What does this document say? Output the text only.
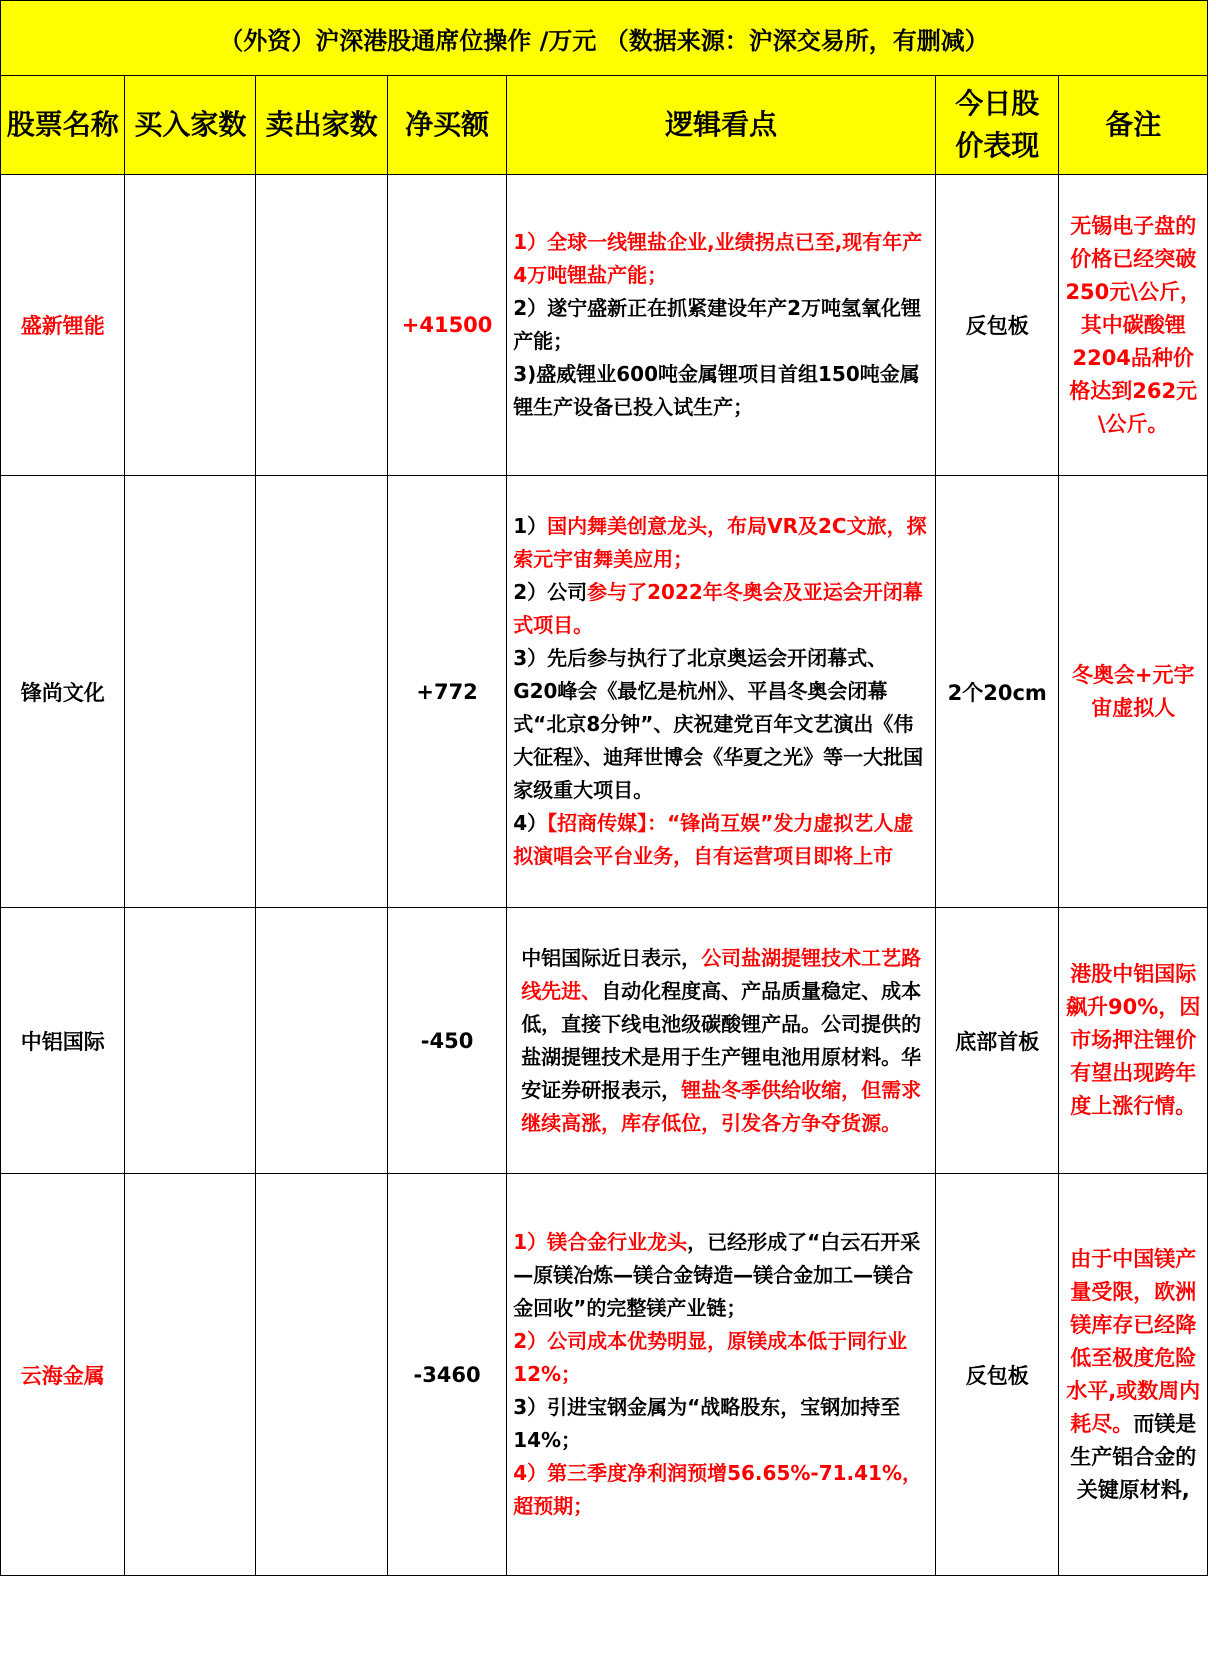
（外资）沪深港股通席位操作 /万元 （数据来源：沪深交易所，有删减）						
股票名称	买入家数	卖出家数	净买额	逻辑看点	今日股价表现	备注
盛新锂能			+41500	1）全球一线锂盐企业,业绩拐点已至,现有年产4万吨锂盐产能；
2）遂宁盛新正在抓紧建设年产2万吨氢氧化锂产能；
3)盛威锂业600吨金属锂项目首组150吨金属锂生产设备已投入试生产；	反包板	无锡电子盘的价格已经突破250元\公斤，其中碳酸锂2204品种价格达到262元\公斤。
锋尚文化			+772	1）国内舞美创意龙头，布局VR及2C文旅，探索元宇宙舞美应用；
2）公司参与了2022年冬奥会及亚运会开闭幕式项目。
3）先后参与执行了北京奥运会开闭幕式、G20峰会《最忆是杭州》、平昌冬奥会闭幕式“北京8分钟”、庆祝建党百年文艺演出《伟大征程》、迪拜世博会《华夏之光》等一大批国家级重大项目。
4）【招商传媒】：“锋尚互娱”发力虚拟艺人虚拟演唱会平台业务，自有运营项目即将上市	2个20cm	冬奥会+元宇宙虚拟人
中铝国际			-450	中铝国际近日表示，公司盐湖提锂技术工艺路线先进、自动化程度高、产品质量稳定、成本低，直接下线电池级碳酸锂产品。公司提供的盐湖提锂技术是用于生产锂电池用原材料。华安证券研报表示，锂盐冬季供给收缩，但需求继续高涨，库存低位，引发各方争夺货源。	底部首板	港股中铝国际飙升90%，因市场押注锂价有望出现跨年度上涨行情。
云海金属			-3460	1）镁合金行业龙头，已经形成了“白云石开采—原镁冶炼—镁合金铸造—镁合金加工—镁合金回收”的完整镁产业链；
2）公司成本优势明显，原镁成本低于同行业12%；
3）引进宝钢金属为“战略股东，宝钢加持至14%；
4）第三季度净利润预增56.65%-71.41%，超预期；	反包板	由于中国镁产量受限，欧洲镁库存已经降低至极度危险水平,或数周内耗尽。而镁是生产铝合金的关键原材料,
